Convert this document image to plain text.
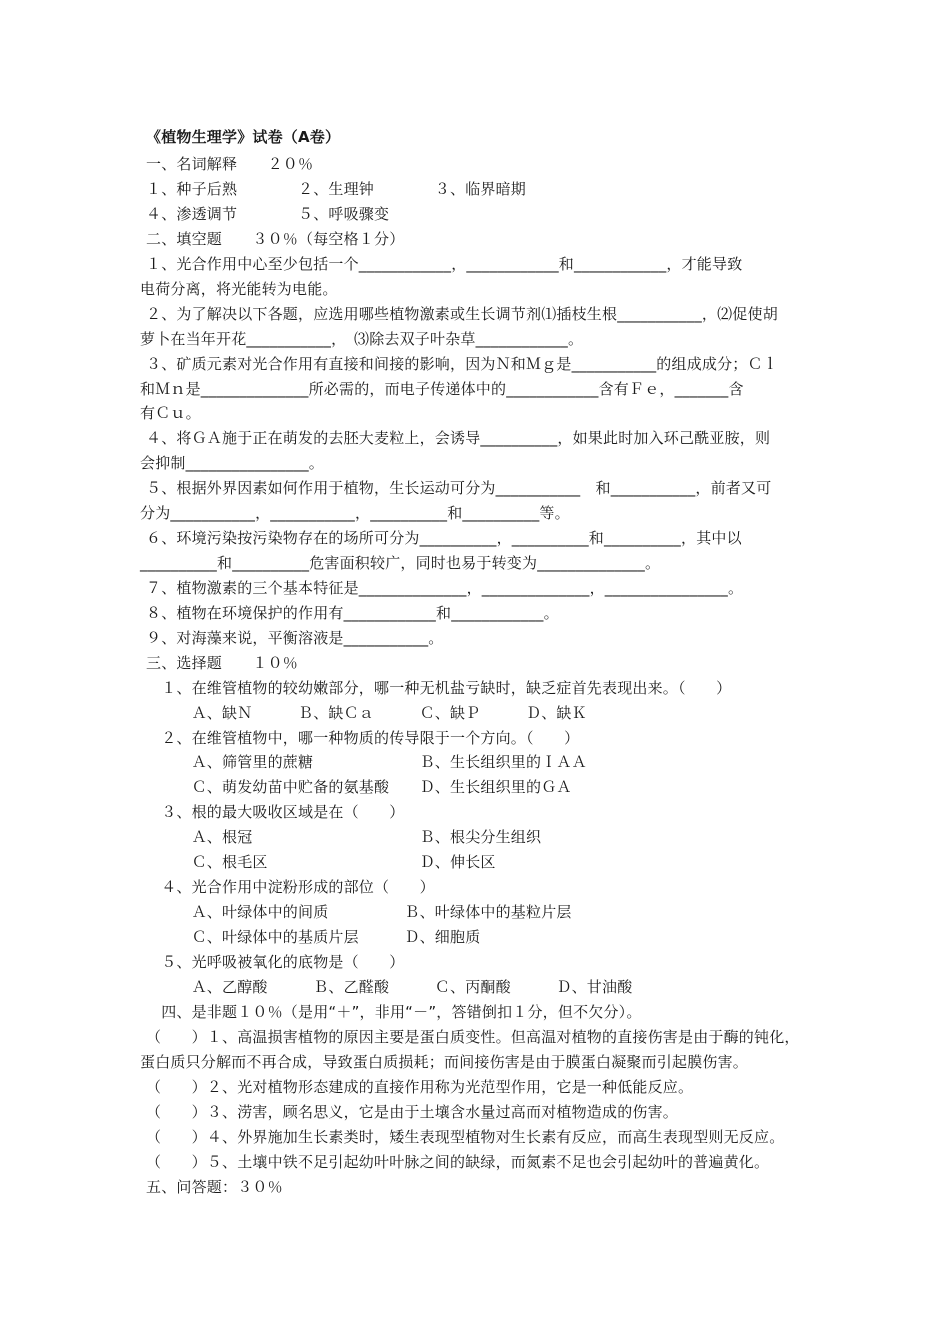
《植物生理学》试卷（A卷）
一、名词解释　　２０％
１、种子后熟　　　　２、生理钟　　　　３、临界暗期
４、渗透调节　　　　５、呼吸骤变
二、填空题　　３０％（每空格１分）
１、光合作用中心至少包括一个____________，____________和____________，才能导致
电荷分离，将光能转为电能。
２、为了解决以下各题，应选用哪些植物激素或生长调节剂⑴插枝生根___________，⑵促使胡
萝卜在当年开花___________，　⑶除去双子叶杂草____________。
３、矿质元素对光合作用有直接和间接的影响，因为Ｎ和Ｍｇ是___________的组成成分；Ｃｌ
和Ｍｎ是______________所必需的，而电子传递体中的____________含有Ｆｅ，_______含
有Ｃｕ。
４、将ＧＡ施于正在萌发的去胚大麦粒上，会诱导__________，如果此时加入环己酰亚胺，则
会抑制________________。
５、根据外界因素如何作用于植物，生长运动可分为___________　和___________，前者又可
分为___________，___________，__________和__________等。
６、环境污染按污染物存在的场所可分为__________，__________和__________，其中以
__________和__________危害面积较广，同时也易于转变为______________。
７、植物激素的三个基本特征是______________，______________，________________。
８、植物在环境保护的作用有____________和____________。
９、对海藻来说，平衡溶液是___________。
三、选择题　　１０％
　１、在维管植物的较幼嫩部分，哪一种无机盐亏缺时，缺乏症首先表现出来。（　　）
　　　Ａ、缺Ｎ　　　Ｂ、缺Ｃａ　　　Ｃ、缺Ｐ　　　Ｄ、缺Ｋ
　２、在维管植物中，哪一种物质的传导限于一个方向。（　　）
　　　Ａ、筛管里的蔗糖　　　　　　　Ｂ、生长组织里的ＩＡＡ
　　　Ｃ、萌发幼苗中贮备的氨基酸　　Ｄ、生长组织里的ＧＡ
　３、根的最大吸收区域是在（　　）
　　　Ａ、根冠　　　　　　　　　　　Ｂ、根尖分生组织
　　　Ｃ、根毛区　　　　　　　　　　Ｄ、伸长区
　４、光合作用中淀粉形成的部位（　　）
　　　Ａ、叶绿体中的间质　　　　　Ｂ、叶绿体中的基粒片层
　　　Ｃ、叶绿体中的基质片层　　　Ｄ、细胞质
　５、光呼吸被氧化的底物是（　　）
　　　Ａ、乙醇酸　　　Ｂ、乙醛酸　　　Ｃ、丙酮酸　　　Ｄ、甘油酸
　四、是非题１０％（是用“＋”，非用“－”，答错倒扣１分，但不欠分）。
（　　）１、高温损害植物的原因主要是蛋白质变性。但高温对植物的直接伤害是由于酶的钝化，
蛋白质只分解而不再合成，导致蛋白质损耗；而间接伤害是由于膜蛋白凝聚而引起膜伤害。
（　　）２、光对植物形态建成的直接作用称为光范型作用，它是一种低能反应。
（　　）３、涝害，顾名思义，它是由于土壤含水量过高而对植物造成的伤害。
（　　）４、外界施加生长素类时，矮生表现型植物对生长素有反应，而高生表现型则无反应。
（　　）５、土壤中铁不足引起幼叶叶脉之间的缺绿，而氮素不足也会引起幼叶的普遍黄化。
五、问答题：３０％
